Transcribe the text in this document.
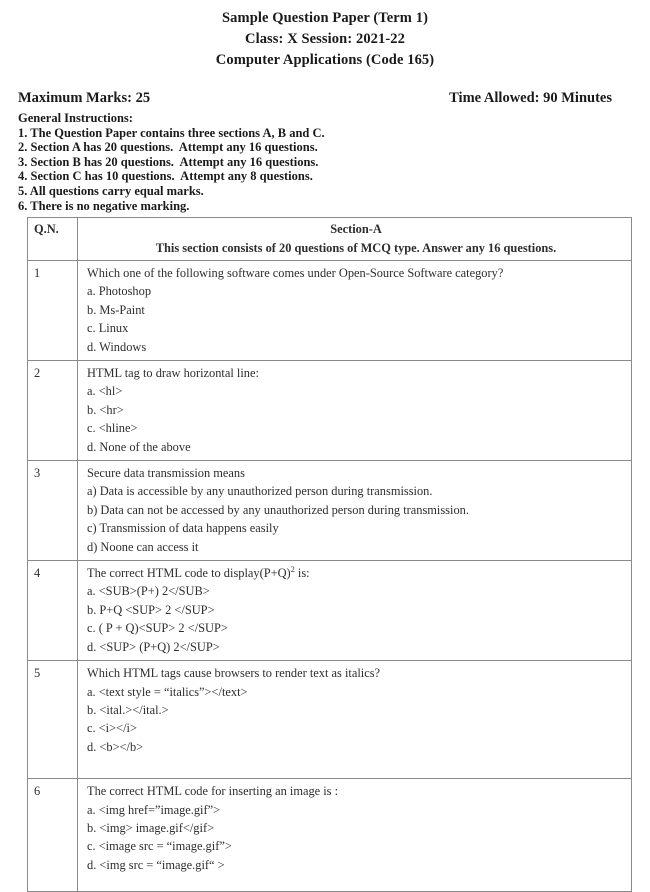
Sample Question Paper (Term 1)
Class: X Session: 2021-22
Computer Applications (Code 165)
Maximum Marks: 25	Time Allowed: 90 Minutes
General Instructions:
1. The Question Paper contains three sections A, B and C.
2. Section A has 20 questions.  Attempt any 16 questions.
3. Section B has 20 questions.  Attempt any 16 questions.
4. Section C has 10 questions.  Attempt any 8 questions.
5. All questions carry equal marks.
6. There is no negative marking.
Q.N.	Section-A
This section consists of 20 questions of MCQ type. Answer any 16 questions.

1	Which one of the following software comes under Open-Source Software category?
a. Photoshop
b. Ms-Paint
c. Linux
d. Windows

2	HTML tag to draw horizontal line:
a. <hl>
b. <hr>
c. <hline>
d. None of the above

3	Secure data transmission means
a) Data is accessible by any unauthorized person during transmission.
b) Data can not be accessed by any unauthorized person during transmission.
c) Transmission of data happens easily
d) Noone can access it

4	The correct HTML code to $display(P+Q)^2$ is:
a. <SUB>(P+) 2</SUB>
b. P+Q <SUP> 2 </SUP>
c. ( P + Q)<SUP> 2 </SUP>
d. <SUP> (P+Q) 2</SUP>

5	Which HTML tags cause browsers to render text as italics?
a. <text style = “italics”></text>
b. <ital.></ital.>
c. <i></i>
d. <b></b>

6	The correct HTML code for inserting an image is :
a. <img href=”image.gif”>
b. <img> image.gif</gif>
c. <image src = “image.gif”>
d. <img src = “image.gif“ >
